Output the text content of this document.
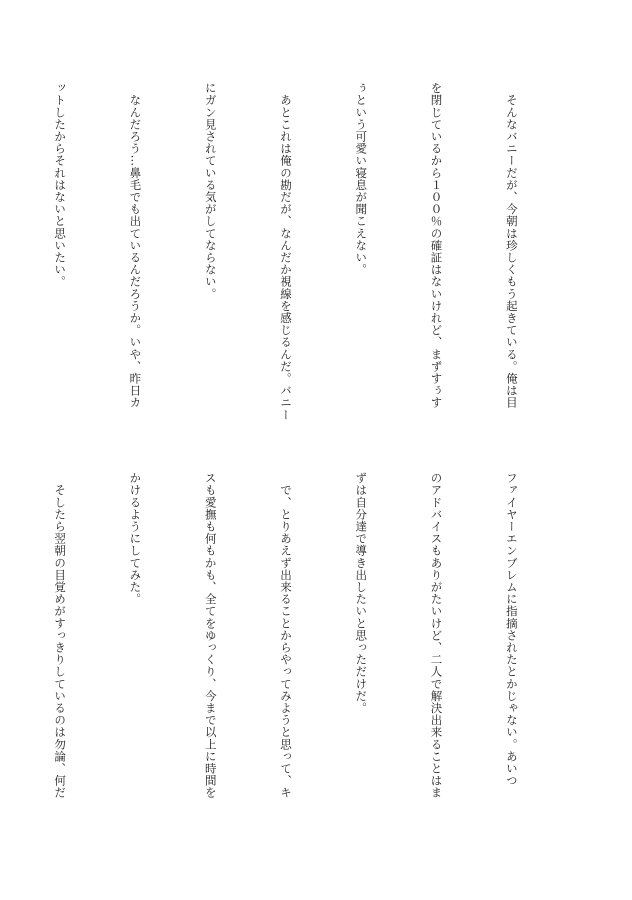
　そんなバニーだが、今朝は珍しくもう起きている。俺は目

を閉じているから１００％の確証はないけれど、まずすぅす

ぅという可愛い寝息が聞こえない。

　あとこれは俺の勘だが、なんだか視線を感じるんだ。バニー

にガン見されている気がしてならない。

　なんだろう…鼻毛でも出ているんだろうか。いや、昨日カ

ットしたからそれはないと思いたい。

ファイヤーエンブレムに指摘されたとかじゃない。あいつ

のアドバイスもありがたいけど、二人で解決出来ることはま

ずは自分達で導き出したいと思っただけだ。

　で、とりあえず出来ることからやってみようと思って、キ

スも愛撫も何もかも、全てをゆっくり、今まで以上に時間を

かけるようにしてみた。

　そしたら翌朝の目覚めがすっきりしているのは勿論、何だ
